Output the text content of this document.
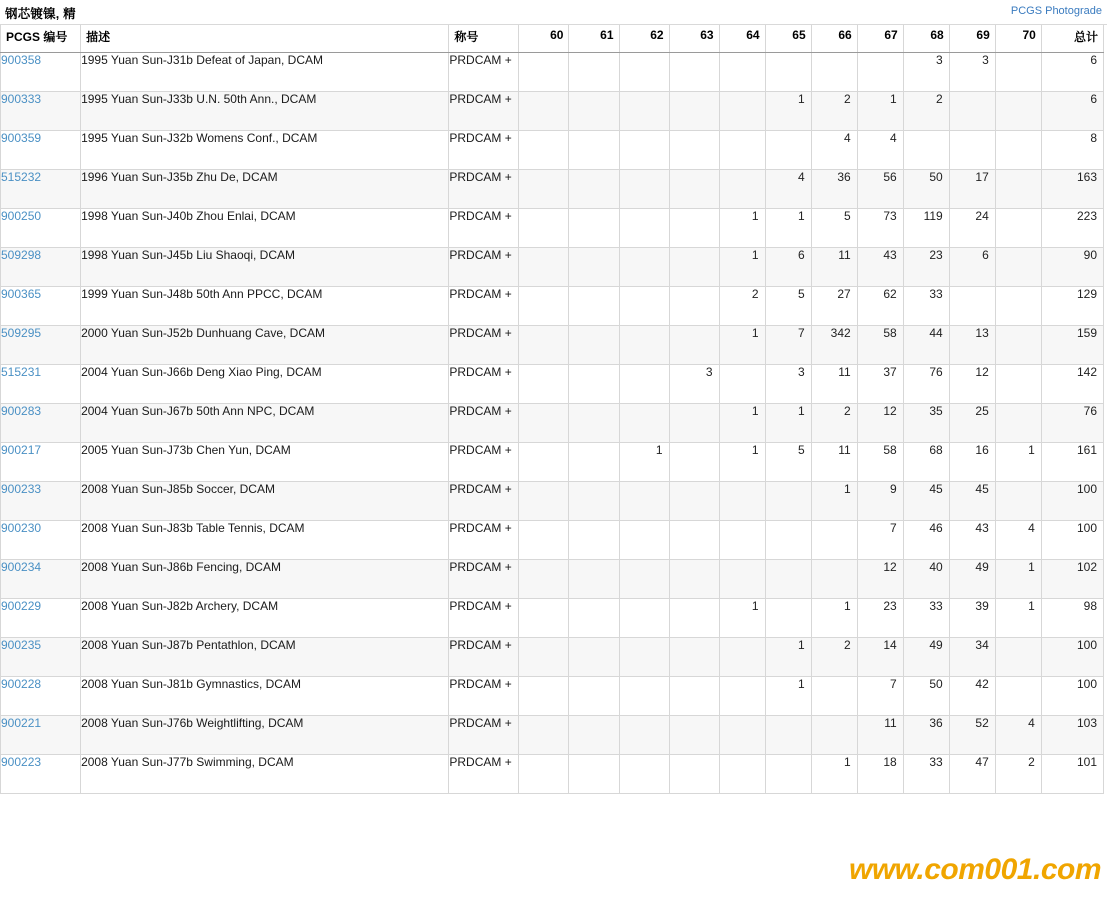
钢芯镀镍, 精	PCGS Photograde
PCGS 编号	描述	称号	60	61	62	63	64	65	66	67	68	69	70	总计
900358	1995 Yuan Sun-J31b Defeat of Japan, DCAM	PRDCAM +									3	3		6
900333	1995 Yuan Sun-J33b U.N. 50th Ann., DCAM	PRDCAM +						1	2	1	2			6
900359	1995 Yuan Sun-J32b Womens Conf., DCAM	PRDCAM +							4	4				8
515232	1996 Yuan Sun-J35b Zhu De, DCAM	PRDCAM +						4	36	56	50	17		163
900250	1998 Yuan Sun-J40b Zhou Enlai, DCAM	PRDCAM +					1	1	5	73	119	24		223
509298	1998 Yuan Sun-J45b Liu Shaoqi, DCAM	PRDCAM +					1	6	11	43	23	6		90
900365	1999 Yuan Sun-J48b 50th Ann PPCC, DCAM	PRDCAM +					2	5	27	62	33			129
509295	2000 Yuan Sun-J52b Dunhuang Cave, DCAM	PRDCAM +					1	7	342	58	44	13		159
515231	2004 Yuan Sun-J66b Deng Xiao Ping, DCAM	PRDCAM +				3		3	11	37	76	12		142
900283	2004 Yuan Sun-J67b 50th Ann NPC, DCAM	PRDCAM +					1	1	2	12	35	25		76
900217	2005 Yuan Sun-J73b Chen Yun, DCAM	PRDCAM +			1		1	5	11	58	68	16	1	161
900233	2008 Yuan Sun-J85b Soccer, DCAM	PRDCAM +							1	9	45	45		100
900230	2008 Yuan Sun-J83b Table Tennis, DCAM	PRDCAM +								7	46	43	4	100
900234	2008 Yuan Sun-J86b Fencing, DCAM	PRDCAM +								12	40	49	1	102
900229	2008 Yuan Sun-J82b Archery, DCAM	PRDCAM +					1		1	23	33	39	1	98
900235	2008 Yuan Sun-J87b Pentathlon, DCAM	PRDCAM +						1	2	14	49	34		100
900228	2008 Yuan Sun-J81b Gymnastics, DCAM	PRDCAM +						1		7	50	42		100
900221	2008 Yuan Sun-J76b Weightlifting, DCAM	PRDCAM +								11	36	52	4	103
900223	2008 Yuan Sun-J77b Swimming, DCAM	PRDCAM +							1	18	33	47	2	101
www.com001.com
